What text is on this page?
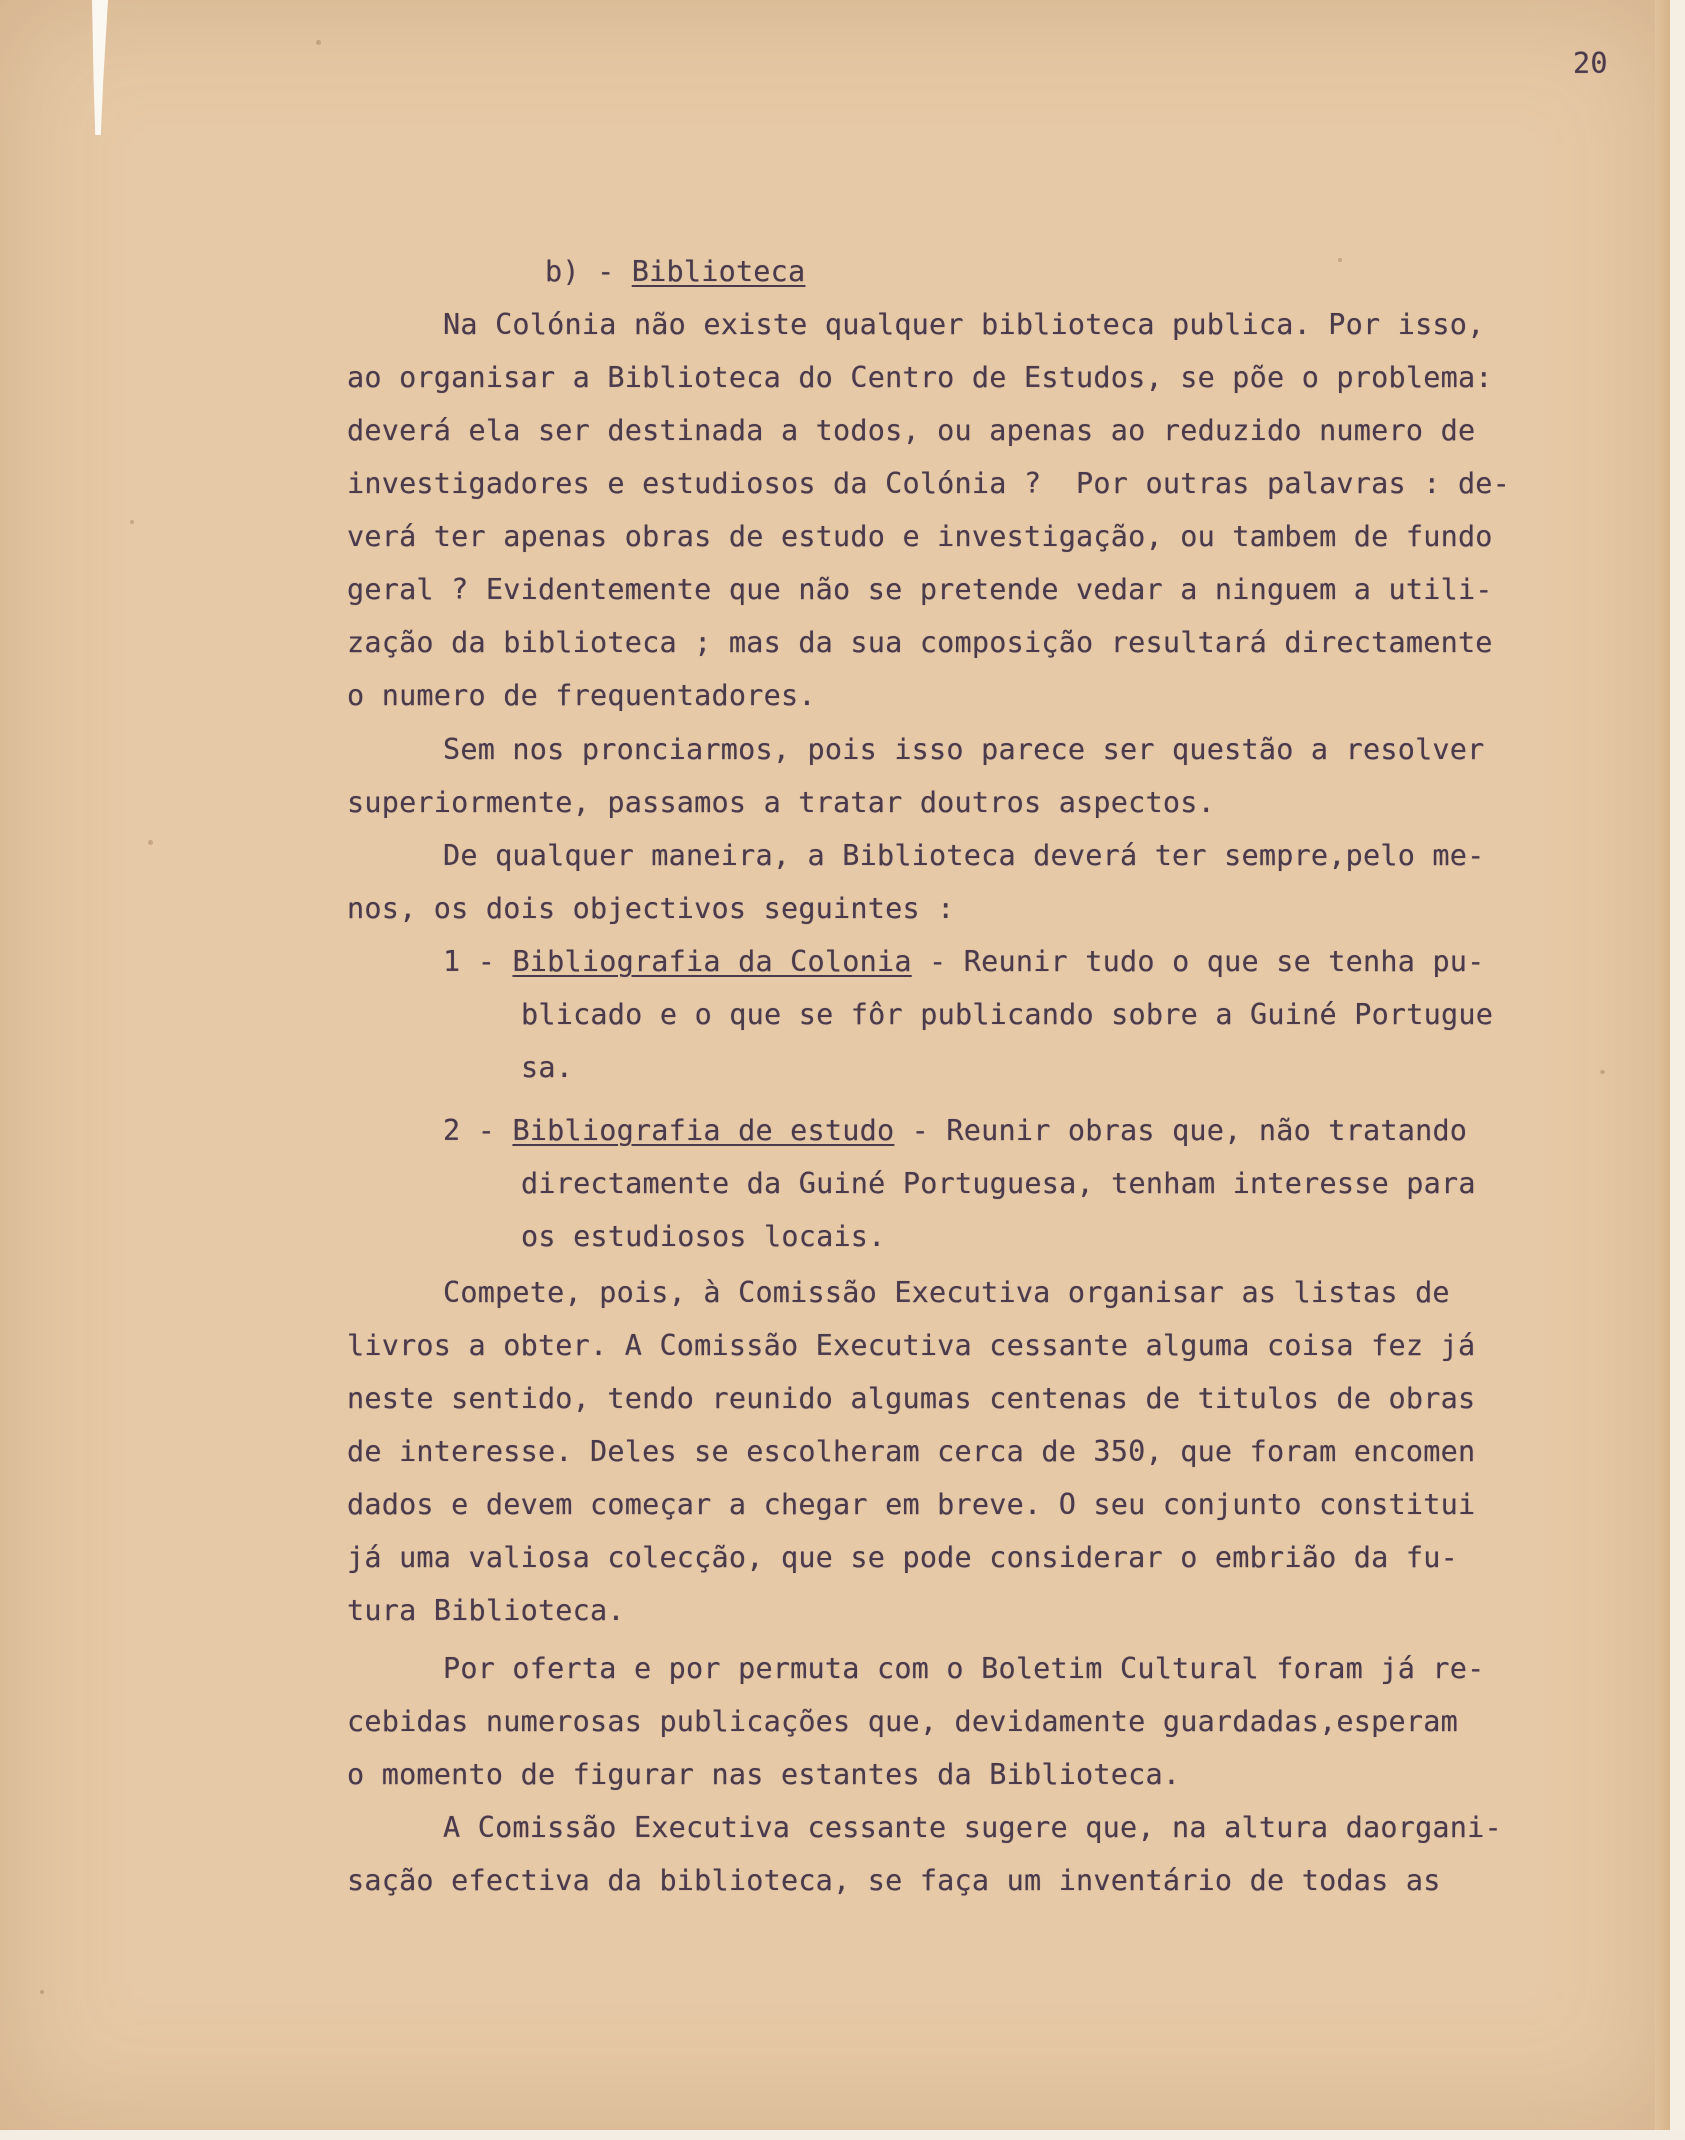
20
b) - Biblioteca
Na Colónia não existe qualquer biblioteca publica. Por isso,
ao organisar a Biblioteca do Centro de Estudos, se põe o problema:
deverá ela ser destinada a todos, ou apenas ao reduzido numero de
investigadores e estudiosos da Colónia ?  Por outras palavras : de-
verá ter apenas obras de estudo e investigação, ou tambem de fundo
geral ? Evidentemente que não se pretende vedar a ninguem a utili-
zação da biblioteca ; mas da sua composição resultará directamente
o numero de frequentadores.
Sem nos pronciarmos, pois isso parece ser questão a resolver
superiormente, passamos a tratar doutros aspectos.
De qualquer maneira, a Biblioteca deverá ter sempre,pelo me-
nos, os dois objectivos seguintes :
1 - Bibliografia da Colonia - Reunir tudo o que se tenha pu-
blicado e o que se fôr publicando sobre a Guiné Portugue
sa.
2 - Bibliografia de estudo - Reunir obras que, não tratando
directamente da Guiné Portuguesa, tenham interesse para
os estudiosos locais.
Compete, pois, à Comissão Executiva organisar as listas de
livros a obter. A Comissão Executiva cessante alguma coisa fez já
neste sentido, tendo reunido algumas centenas de titulos de obras
de interesse. Deles se escolheram cerca de 350, que foram encomen
dados e devem começar a chegar em breve. O seu conjunto constitui
já uma valiosa colecção, que se pode considerar o embrião da fu-
tura Biblioteca.
Por oferta e por permuta com o Boletim Cultural foram já re-
cebidas numerosas publicações que, devidamente guardadas,esperam
o momento de figurar nas estantes da Biblioteca.
A Comissão Executiva cessante sugere que, na altura daorgani-
sação efectiva da biblioteca, se faça um inventário de todas as
